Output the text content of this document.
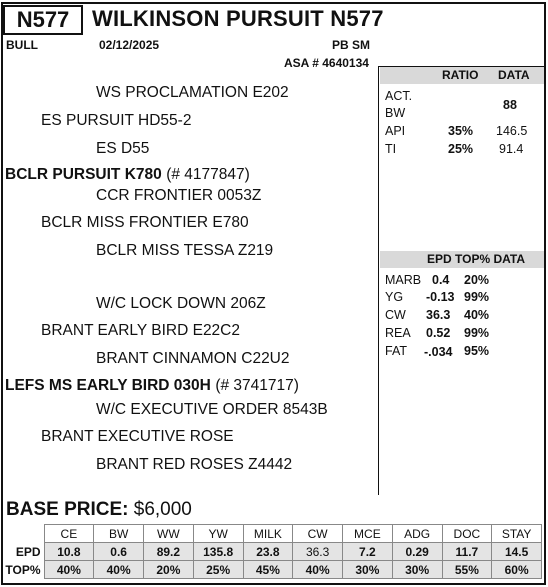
N577	WILKINSON PURSUIT N577
BULL	02/12/2025	PB SM
ASA # 4640134
WS PROCLAMATION E202
ES PURSUIT HD55-2
ES D55
BCLR PURSUIT K780 (# 4177847)
CCR FRONTIER 0053Z
BCLR MISS FRONTIER E780
BCLR MISS TESSA Z219
W/C LOCK DOWN 206Z
BRANT EARLY BIRD E22C2
BRANT CINNAMON C22U2
LEFS MS EARLY BIRD 030H (# 3741717)
W/C EXECUTIVE ORDER 8543B
BRANT EXECUTIVE ROSE
BRANT RED ROSES Z4442
RATIO DATA
ACT.
BW
88
API	35% 146.5
TI	25% 91.4
EPD TOP% DATA
MARB 0.4 20%
YG -0.13 99%
CW 36.3 40%
REA 0.52 99%
FAT -.034 95%
BASE PRICE: $6,000
	CE	BW	WW	YW	MILK	CW	MCE	ADG	DOC	STAY
EPD	10.8	0.6	89.2	135.8	23.8	36.3	7.2	0.29	11.7	14.5
TOP%	40%	40%	20%	25%	45%	40%	30%	30%	55%	60%
